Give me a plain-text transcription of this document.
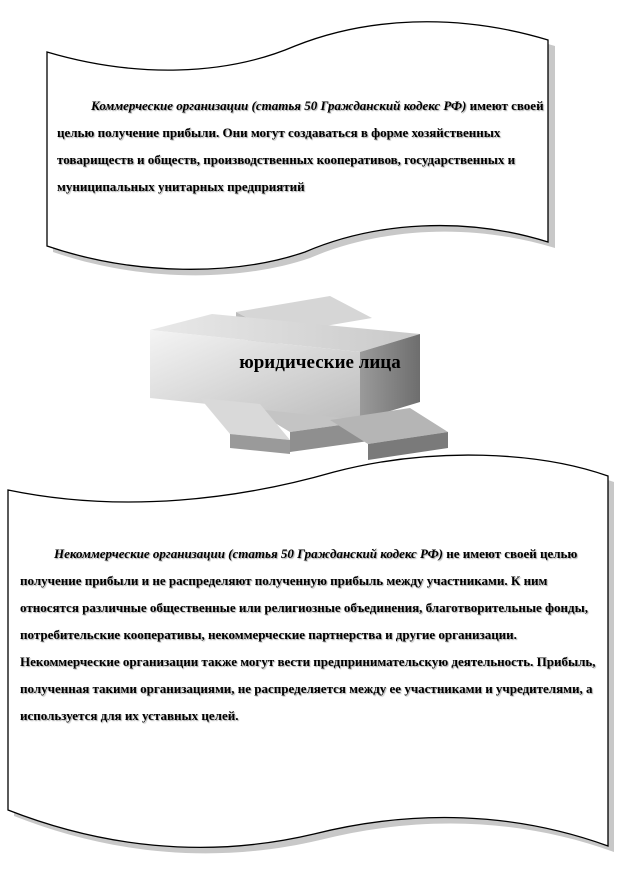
Коммерческие организации (статья 50 Гражданский кодекс РФ) имеют своей целью получение прибыли. Они могут создаваться в форме хозяйственных товариществ и обществ, производственных кооперативов, государственных и муниципальных унитарных предприятий
юридические лица
Некоммерческие организации (статья 50 Гражданский кодекс РФ) не имеют своей целью получение прибыли и не распределяют полученную прибыль между участниками. К ним относятся различные общественные или религиозные объединения, благотворительные фонды, потребительские кооперативы, некоммерческие партнерства и другие организации. Некоммерческие организации также могут вести предпринимательскую деятельность. Прибыль, полученная такими организациями, не распределяется между ее участниками и учредителями, а используется для их уставных целей.
